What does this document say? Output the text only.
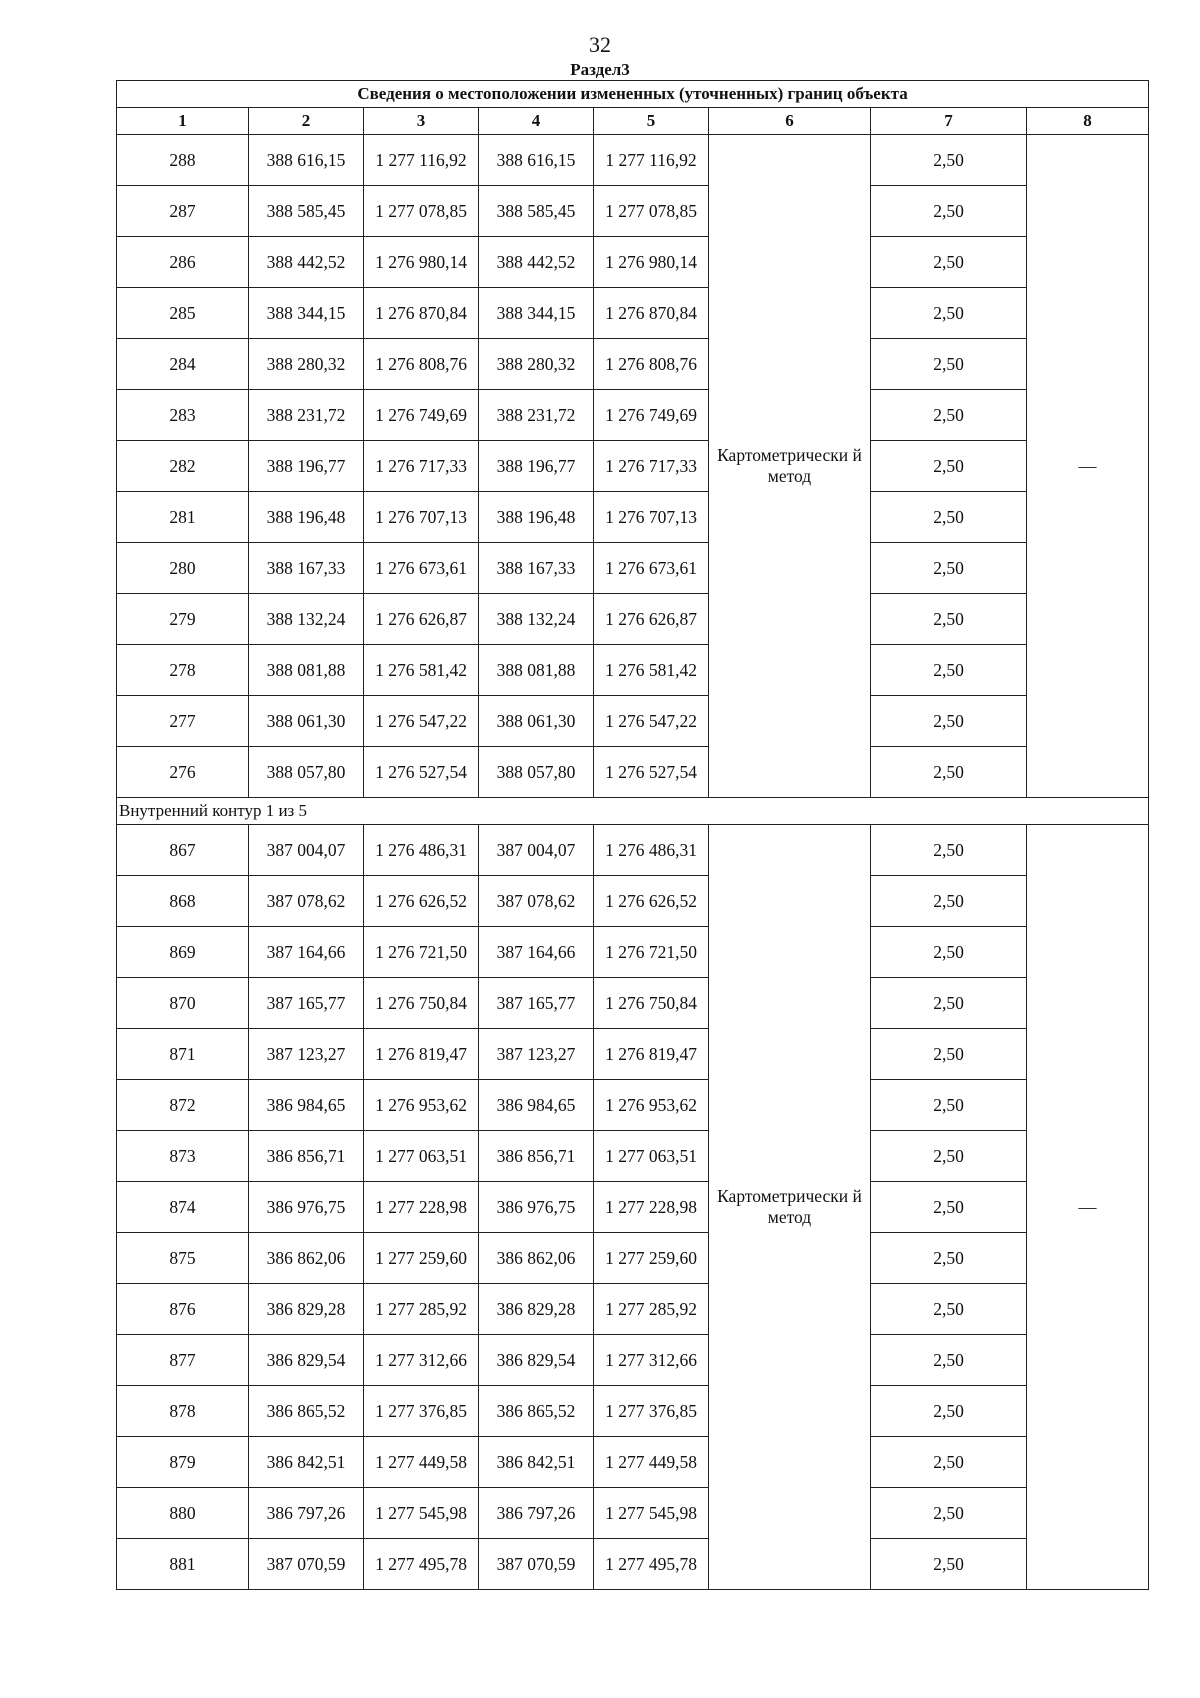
32
Раздел3
Сведения о местоположении измененных (уточненных) границ объекта							
1	2	3	4	5	6	7	8
288	388 616,15	1 277 116,92	388 616,15	1 277 116,92	Картометрически й метод	2,50	—
287	388 585,45	1 277 078,85	388 585,45	1 277 078,85		2,50	
286	388 442,52	1 276 980,14	388 442,52	1 276 980,14		2,50	
285	388 344,15	1 276 870,84	388 344,15	1 276 870,84		2,50	
284	388 280,32	1 276 808,76	388 280,32	1 276 808,76		2,50	
283	388 231,72	1 276 749,69	388 231,72	1 276 749,69		2,50	
282	388 196,77	1 276 717,33	388 196,77	1 276 717,33		2,50	
281	388 196,48	1 276 707,13	388 196,48	1 276 707,13		2,50	
280	388 167,33	1 276 673,61	388 167,33	1 276 673,61		2,50	
279	388 132,24	1 276 626,87	388 132,24	1 276 626,87		2,50	
278	388 081,88	1 276 581,42	388 081,88	1 276 581,42		2,50	
277	388 061,30	1 276 547,22	388 061,30	1 276 547,22		2,50	
276	388 057,80	1 276 527,54	388 057,80	1 276 527,54		2,50	
Внутренний контур 1 из 5							
867	387 004,07	1 276 486,31	387 004,07	1 276 486,31	Картометрически й метод	2,50	—
868	387 078,62	1 276 626,52	387 078,62	1 276 626,52		2,50	
869	387 164,66	1 276 721,50	387 164,66	1 276 721,50		2,50	
870	387 165,77	1 276 750,84	387 165,77	1 276 750,84		2,50	
871	387 123,27	1 276 819,47	387 123,27	1 276 819,47		2,50	
872	386 984,65	1 276 953,62	386 984,65	1 276 953,62		2,50	
873	386 856,71	1 277 063,51	386 856,71	1 277 063,51		2,50	
874	386 976,75	1 277 228,98	386 976,75	1 277 228,98		2,50	
875	386 862,06	1 277 259,60	386 862,06	1 277 259,60		2,50	
876	386 829,28	1 277 285,92	386 829,28	1 277 285,92		2,50	
877	386 829,54	1 277 312,66	386 829,54	1 277 312,66		2,50	
878	386 865,52	1 277 376,85	386 865,52	1 277 376,85		2,50	
879	386 842,51	1 277 449,58	386 842,51	1 277 449,58		2,50	
880	386 797,26	1 277 545,98	386 797,26	1 277 545,98		2,50	
881	387 070,59	1 277 495,78	387 070,59	1 277 495,78		2,50	
